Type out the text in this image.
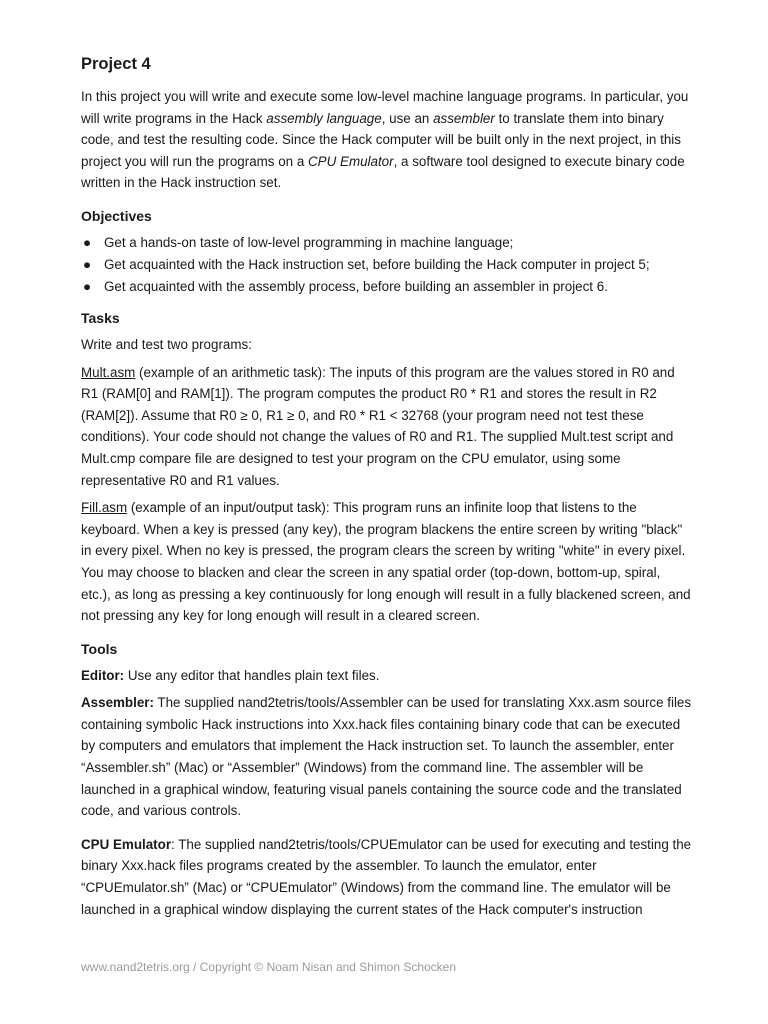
Project 4

In this project you will write and execute some low-level machine language programs. In particular, you will write programs in the Hack assembly language, use an assembler to translate them into binary code, and test the resulting code. Since the Hack computer will be built only in the next project, in this project you will run the programs on a CPU Emulator, a software tool designed to execute binary code written in the Hack instruction set.

Objectives
● Get a hands-on taste of low-level programming in machine language;
● Get acquainted with the Hack instruction set, before building the Hack computer in project 5;
● Get acquainted with the assembly process, before building an assembler in project 6.
Tasks

Write and test two programs:

Mult.asm (example of an arithmetic task): The inputs of this program are the values stored in R0 and R1 (RAM[0] and RAM[1]). The program computes the product R0 * R1 and stores the result in R2 (RAM[2]). Assume that R0 ≥ 0, R1 ≥ 0, and R0 * R1 < 32768 (your program need not test these conditions). Your code should not change the values of R0 and R1. The supplied Mult.test script and Mult.cmp compare file are designed to test your program on the CPU emulator, using some representative R0 and R1 values.

Fill.asm (example of an input/output task): This program runs an infinite loop that listens to the keyboard. When a key is pressed (any key), the program blackens the entire screen by writing "black" in every pixel. When no key is pressed, the program clears the screen by writing "white" in every pixel. You may choose to blacken and clear the screen in any spatial order (top-down, bottom-up, spiral, etc.), as long as pressing a key continuously for long enough will result in a fully blackened screen, and not pressing any key for long enough will result in a cleared screen.

Tools

Editor: Use any editor that handles plain text files.

Assembler: The supplied nand2tetris/tools/Assembler can be used for translating Xxx.asm source files containing symbolic Hack instructions into Xxx.hack files containing binary code that can be executed by computers and emulators that implement the Hack instruction set. To launch the assembler, enter “Assembler.sh” (Mac) or “Assembler” (Windows) from the command line. The assembler will be launched in a graphical window, featuring visual panels containing the source code and the translated code, and various controls.

CPU Emulator: The supplied nand2tetris/tools/CPUEmulator can be used for executing and testing the binary Xxx.hack files programs created by the assembler. To launch the emulator, enter “CPUEmulator.sh” (Mac) or “CPUEmulator” (Windows) from the command line. The emulator will be launched in a graphical window displaying the current states of the Hack computer's instruction

www.nand2tetris.org / Copyright © Noam Nisan and Shimon Schocken
